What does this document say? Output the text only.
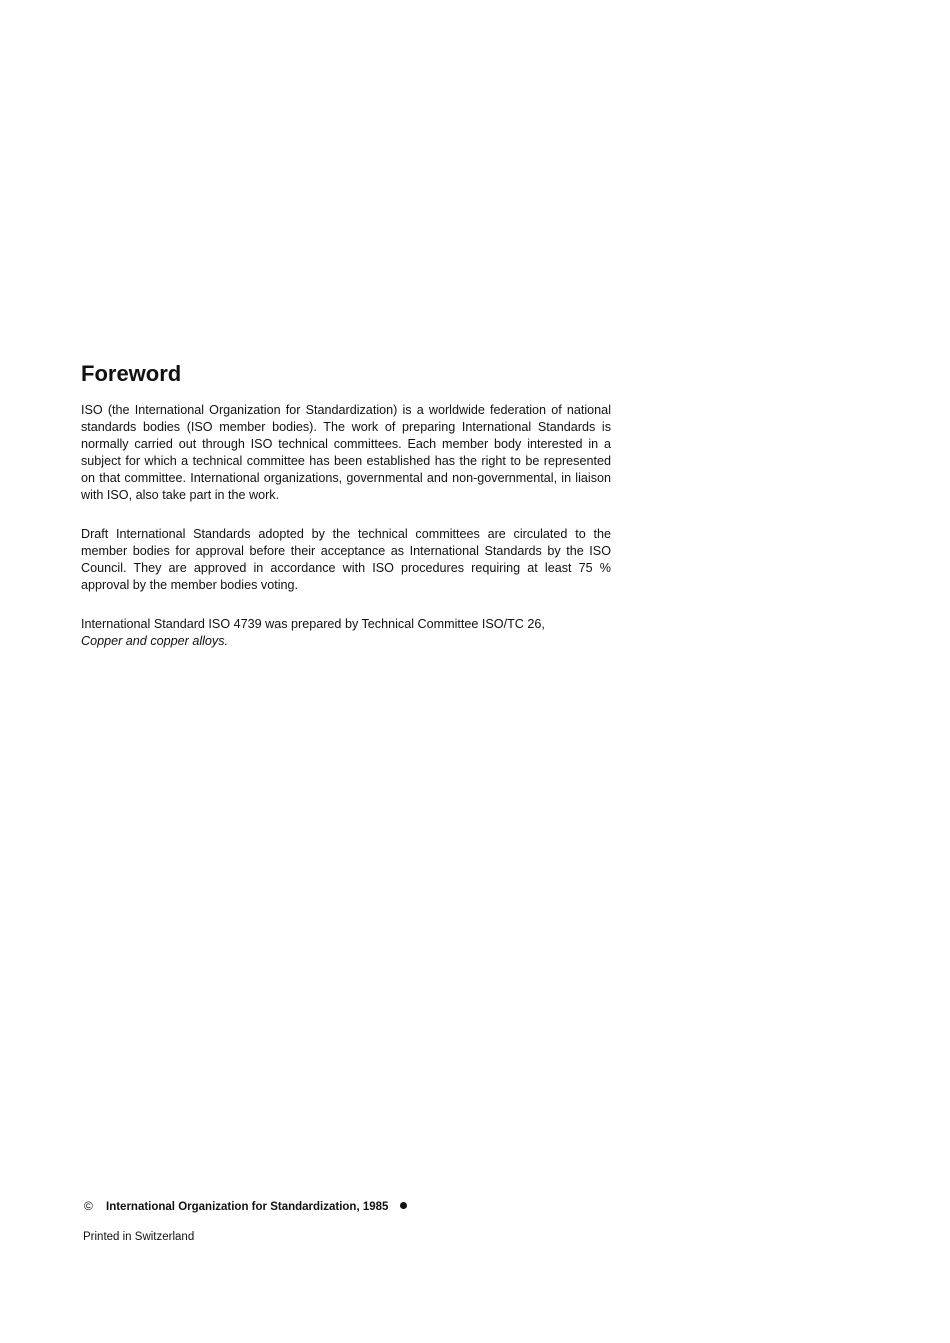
Foreword

ISO (the International Organization for Standardization) is a worldwide federation of national standards bodies (ISO member bodies). The work of preparing International Standards is normally carried out through ISO technical committees. Each member body interested in a subject for which a technical committee has been established has the right to be represented on that committee. International organizations, governmental and non-governmental, in liaison with ISO, also take part in the work.

Draft International Standards adopted by the technical committees are circulated to the member bodies for approval before their acceptance as International Standards by the ISO Council. They are approved in accordance with ISO procedures requiring at least 75 % approval by the member bodies voting.

International Standard ISO 4739 was prepared by Technical Committee ISO/TC 26,
Copper and copper alloys.

© International Organization for Standardization, 1985
Printed in Switzerland
